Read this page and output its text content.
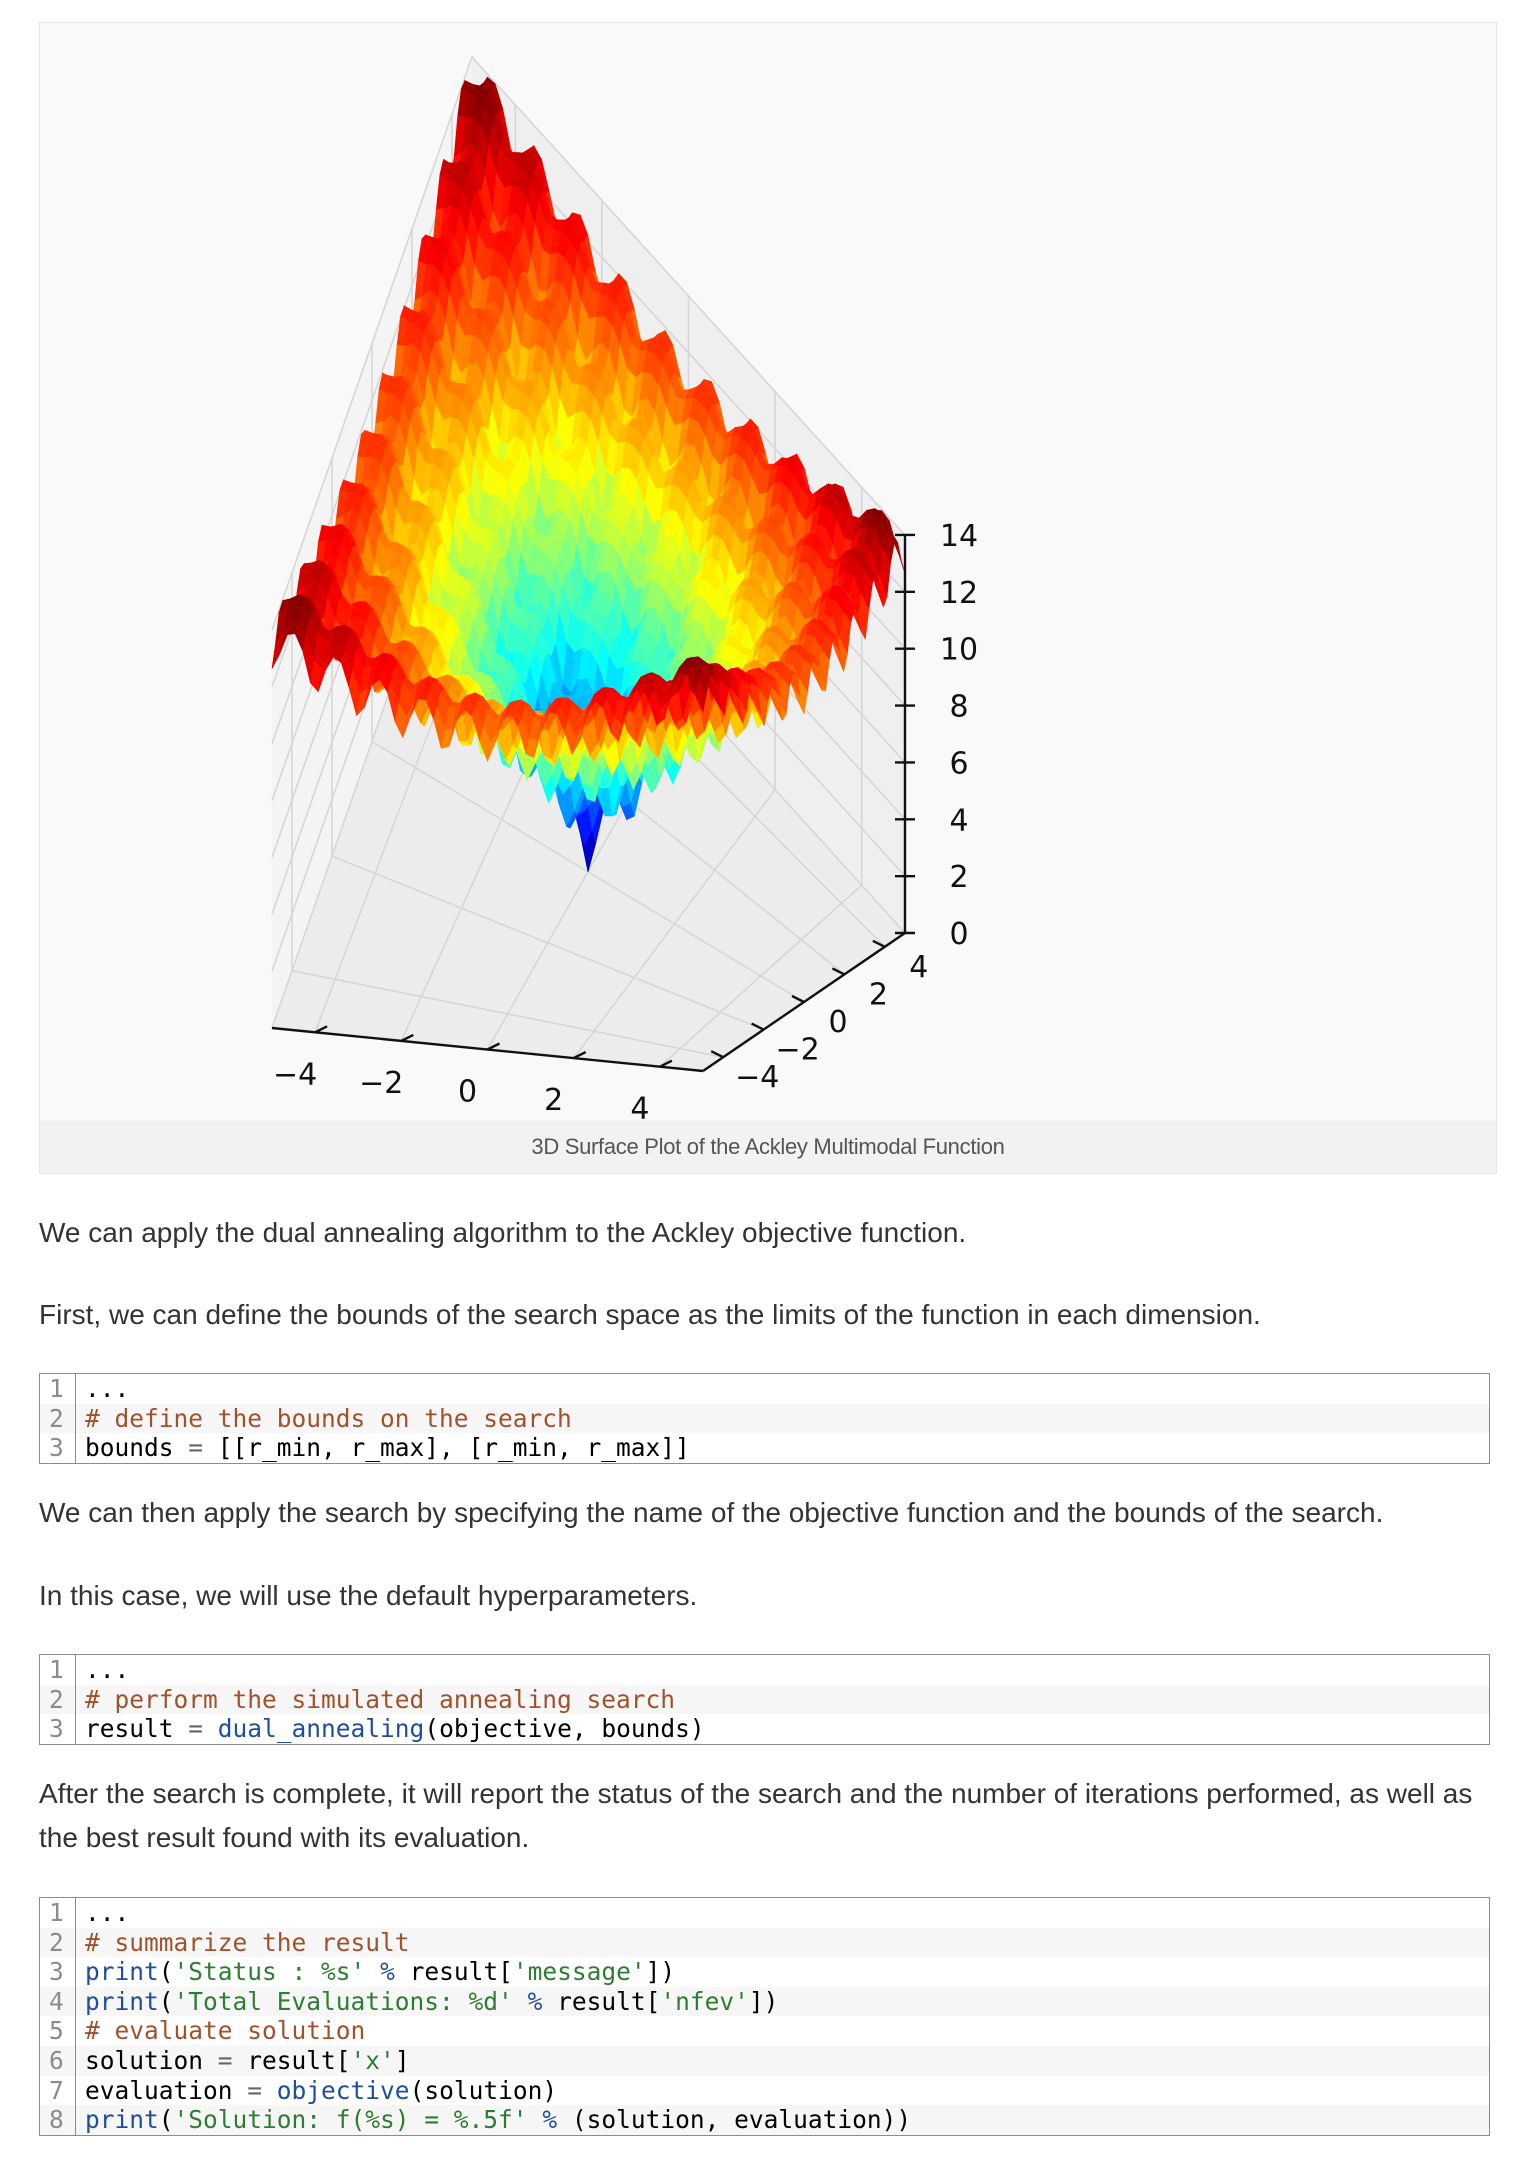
−4 −2 0 2 4
−4
−2
0
2
4
14
12
10
8
6
4
2
0
3D Surface Plot of the Ackley Multimodal Function

We can apply the dual annealing algorithm to the Ackley objective function.

First, we can define the bounds of the search space as the limits of the function in each dimension.

1 ...
2 # define the bounds on the search
3 bounds = [[r_min, r_max], [r_min, r_max]]

We can then apply the search by specifying the name of the objective function and the bounds of the search.

In this case, we will use the default hyperparameters.

1 ...
2 # perform the simulated annealing search
3 result = dual_annealing(objective, bounds)

After the search is complete, it will report the status of the search and the number of iterations performed, as well as the best result found with its evaluation.

1 ...
2 # summarize the result
3 print('Status : %s' % result['message'])
4 print('Total Evaluations: %d' % result['nfev'])
5 # evaluate solution
6 solution = result['x']
7 evaluation = objective(solution)
8 print('Solution: f(%s) = %.5f' % (solution, evaluation))
